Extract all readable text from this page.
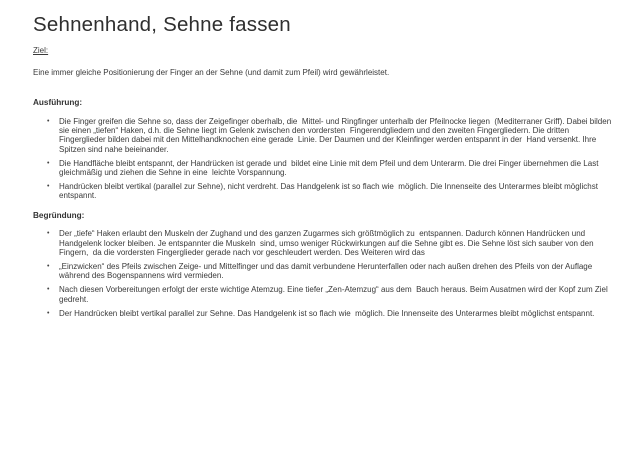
Sehnenhand, Sehne fassen
Ziel:
Eine immer gleiche Positionierung der Finger an der Sehne (und damit zum Pfeil) wird gewährleistet.
Ausführung:
•	Die Finger greifen die Sehne so, dass der Zeigefinger oberhalb, die  Mittel- und Ringfinger unterhalb der Pfeilnocke liegen  (Mediterraner Griff). Dabei bilden sie einen „tiefen“ Haken, d.h. die Sehne liegt im Gelenk zwischen den vordersten  Fingerendgliedern und den zweiten Fingergliedern. Die dritten  Fingerglieder bilden dabei mit den Mittelhandknochen eine gerade  Linie. Der Daumen und der Kleinfinger werden entspannt in der  Hand versenkt. Ihre Spitzen sind nahe beieinander.
•	Die Handfläche bleibt entspannt, der Handrücken ist gerade und  bildet eine Linie mit dem Pfeil und dem Unterarm. Die drei Finger übernehmen die Last gleichmäßig und ziehen die Sehne in eine  leichte Vorspannung.
•	Handrücken bleibt vertikal (parallel zur Sehne), nicht verdreht. Das Handgelenk ist so flach wie  möglich. Die Innenseite des Unterarmes bleibt möglichst entspannt.
Begründung:
•	Der „tiefe“ Haken erlaubt den Muskeln der Zughand und des ganzen Zugarmes sich größtmöglich zu  entspannen. Dadurch können Handrücken und Handgelenk locker bleiben. Je entspannter die Muskeln  sind, umso weniger Rückwirkungen auf die Sehne gibt es. Die Sehne löst sich sauber von den Fingern,  da die vordersten Fingerglieder gerade nach vor geschleudert werden. Des Weiteren wird das
•	„Einzwicken“ des Pfeils zwischen Zeige- und Mittelfinger und das damit verbundene Herunterfallen oder nach außen drehen des Pfeils von der Auflage während des Bogenspannens wird vermieden.
•	Nach diesen Vorbereitungen erfolgt der erste wichtige Atemzug. Eine tiefer „Zen-Atemzug“ aus dem  Bauch heraus. Beim Ausatmen wird der Kopf zum Ziel gedreht.
•	Der Handrücken bleibt vertikal parallel zur Sehne. Das Handgelenk ist so flach wie  möglich. Die Innenseite des Unterarmes bleibt möglichst entspannt.
